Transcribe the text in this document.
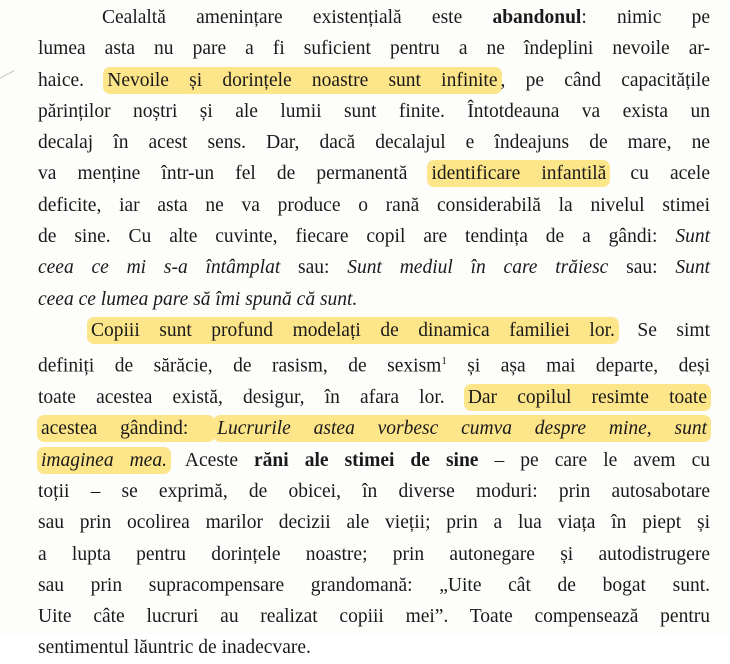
Cealaltă amenințare existențială este abandonul: nimic pe
lumea asta nu pare a fi suficient pentru a ne îndeplini nevoile ar-
haice. Nevoile și dorințele noastre sunt infinite , pe când capacitățile
părinților noștri și ale lumii sunt finite. Întotdeauna va exista un
decalaj în acest sens. Dar, dacă decalajul e îndeajuns de mare, ne
va menține într-un fel de permanentă identificare infantilă cu acele
deficite, iar asta ne va produce o rană considerabilă la nivelul stimei
de sine. Cu alte cuvinte, fiecare copil are tendința de a gândi: Sunt
ceea ce mi s-a întâmplat sau: Sunt mediul în care trăiesc sau: Sunt
ceea ce lumea pare să îmi spună că sunt.
Copiii sunt profund modelați de dinamica familiei lor. Se simt
definiți de sărăcie, de rasism, de sexism$^1$ și așa mai departe, deși
toate acestea există, desigur, în afara lor. Dar copilul resimte toate
acestea gândind: Lucrurile astea vorbesc cumva despre mine, sunt
imaginea mea. Aceste răni ale stimei de sine – pe care le avem cu
toții – se exprimă, de obicei, în diverse moduri: prin autosabotare
sau prin ocolirea marilor decizii ale vieții; prin a lua viața în piept și
a lupta pentru dorințele noastre; prin autonegare și autodistrugere
sau prin supracompensare grandomană: „Uite cât de bogat sunt.
Uite câte lucruri au realizat copiii mei”. Toate compensează pentru
sentimentul lăuntric de inadecvare.
